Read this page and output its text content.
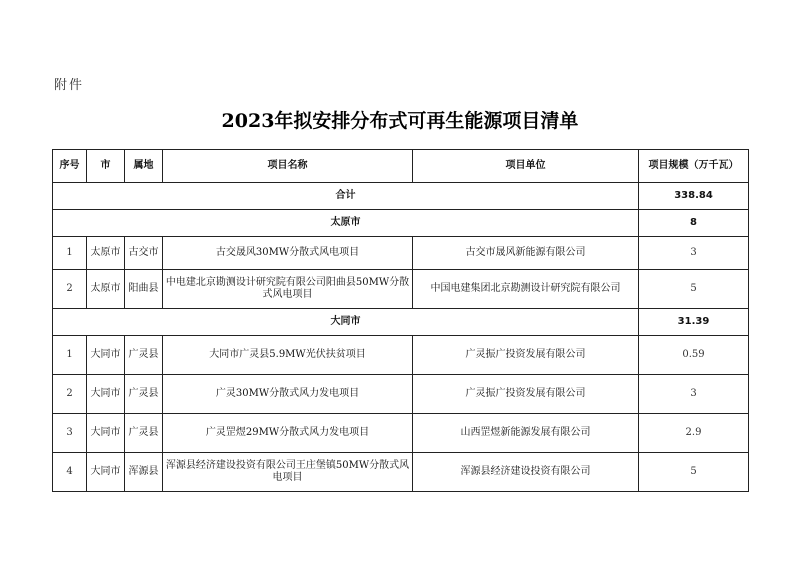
附件
2023年拟安排分布式可再生能源项目清单
序号	市	属地	项目名称	项目单位	项目规模（万千瓦）
合计					338.84
太原市					8
1	太原市	古交市	古交晟风30MW分散式风电项目	古交市晟风新能源有限公司	3
2	太原市	阳曲县	中电建北京勘测设计研究院有限公司阳曲县50MW分散式风电项目	中国电建集团北京勘测设计研究院有限公司	5
大同市					31.39
1	大同市	广灵县	大同市广灵县5.9MW光伏扶贫项目	广灵振广投资发展有限公司	0.59
2	大同市	广灵县	广灵30MW分散式风力发电项目	广灵振广投资发展有限公司	3
3	大同市	广灵县	广灵罡煜29MW分散式风力发电项目	山西罡煜新能源发展有限公司	2.9
4	大同市	浑源县	浑源县经济建设投资有限公司王庄堡镇50MW分散式风电项目	浑源县经济建设投资有限公司	5
